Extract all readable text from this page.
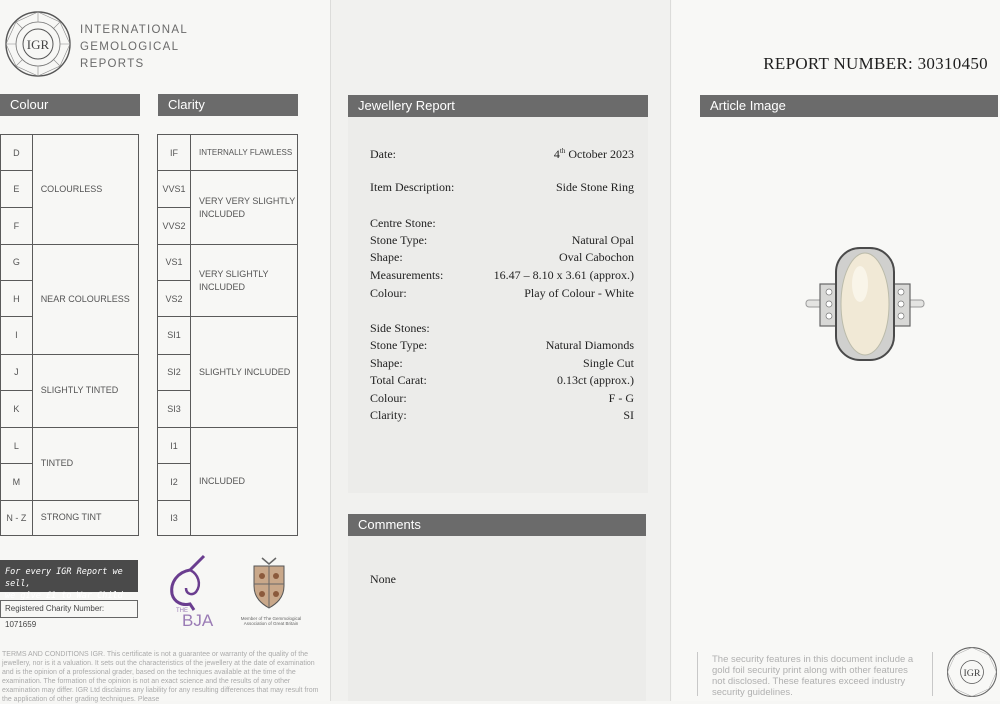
IGR
INTERNATIONAL
GEMOLOGICAL
REPORTS
Colour
D	COLOURLESS
E	
F	
G	NEAR COLOURLESS
H	
I	
J	SLIGHTLY TINTED
K	
L	TINTED
M	
N - Z	STRONG TINT
Clarity
IF	INTERNALLY FLAWLESS
VVS1	VERY VERY SLIGHTLY INCLUDED
VVS2	
VS1	VERY SLIGHTLY INCLUDED
VS2	
SI1	SLIGHTLY INCLUDED
SI2	
SI3	
I1	INCLUDED
I2	
I3	
For every IGR Report we sell,
we give £1 to War Child
Registered Charity Number: 1071659
THE
BJA	Member of The Gemmological Association of Great Britain
TERMS AND CONDITIONS IGR. This certificate is not a guarantee or warranty of the quality of the jewellery, nor is it a valuation. It sets out the characteristics of the jewellery at the date of examination and is the opinion of a professional grader, based on the techniques available at the time of the examination. The formation of the opinion is not an exact science and the results of any other examination may differ. IGR Ltd disclaims any liability for any resulting differences that may result from the application of other grading techniques. Please
Jewellery Report
Date:	4th October 2023
Item Description:	Side Stone Ring
Centre Stone:
Stone Type:	Natural Opal
Shape:	Oval Cabochon
Measurements:	16.47 – 8.10 x 3.61 (approx.)
Colour:	Play of Colour - White
Side Stones:
Stone Type:	Natural Diamonds
Shape:	Single Cut
Total Carat:	0.13ct (approx.)
Colour:	F - G
Clarity:	SI
Comments
None
REPORT NUMBER: 30310450
Article Image
The security features in this document include a gold foil security print along with other features not disclosed. These features exceed industry security guidelines.
IGR
